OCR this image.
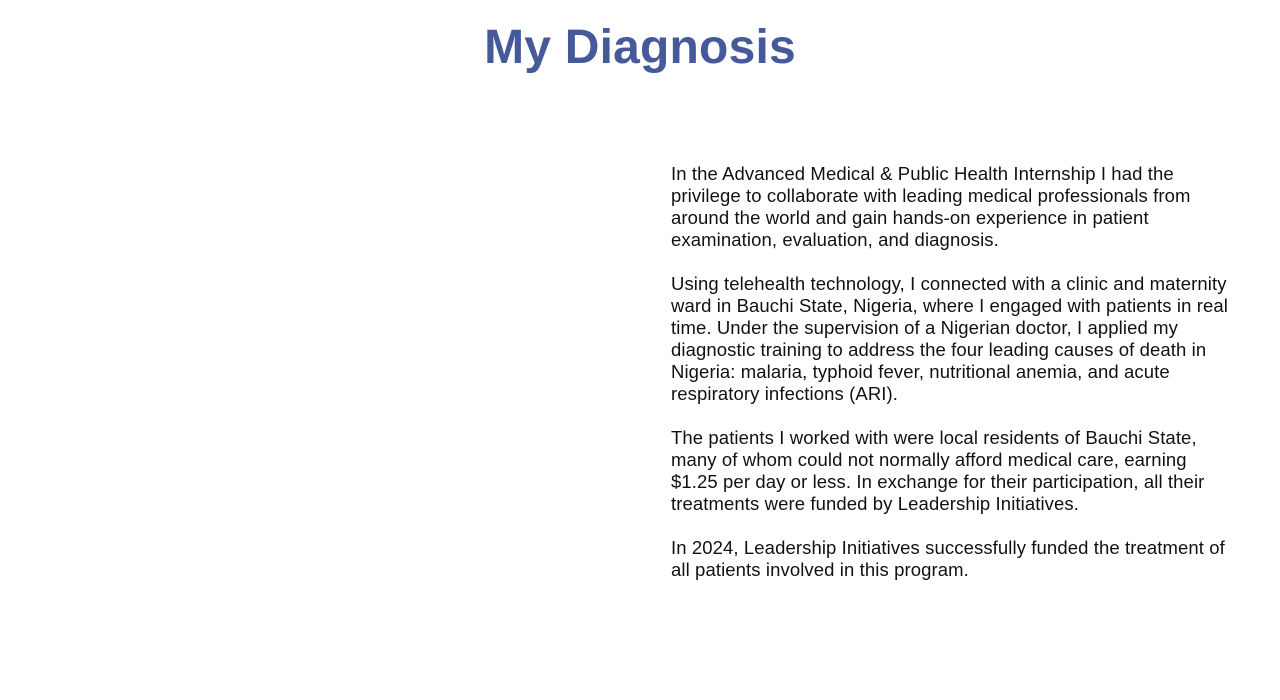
My Diagnosis

In the Advanced Medical & Public Health Internship I had the privilege to collaborate with leading medical professionals from around the world and gain hands-on experience in patient examination, evaluation, and diagnosis.

Using telehealth technology, I connected with a clinic and maternity ward in Bauchi State, Nigeria, where I engaged with patients in real time. Under the supervision of a Nigerian doctor, I applied my diagnostic training to address the four leading causes of death in Nigeria: malaria, typhoid fever, nutritional anemia, and acute respiratory infections (ARI).

The patients I worked with were local residents of Bauchi State, many of whom could not normally afford medical care, earning $1.25 per day or less. In exchange for their participation, all their treatments were funded by Leadership Initiatives.

In 2024, Leadership Initiatives successfully funded the treatment of all patients involved in this program.
